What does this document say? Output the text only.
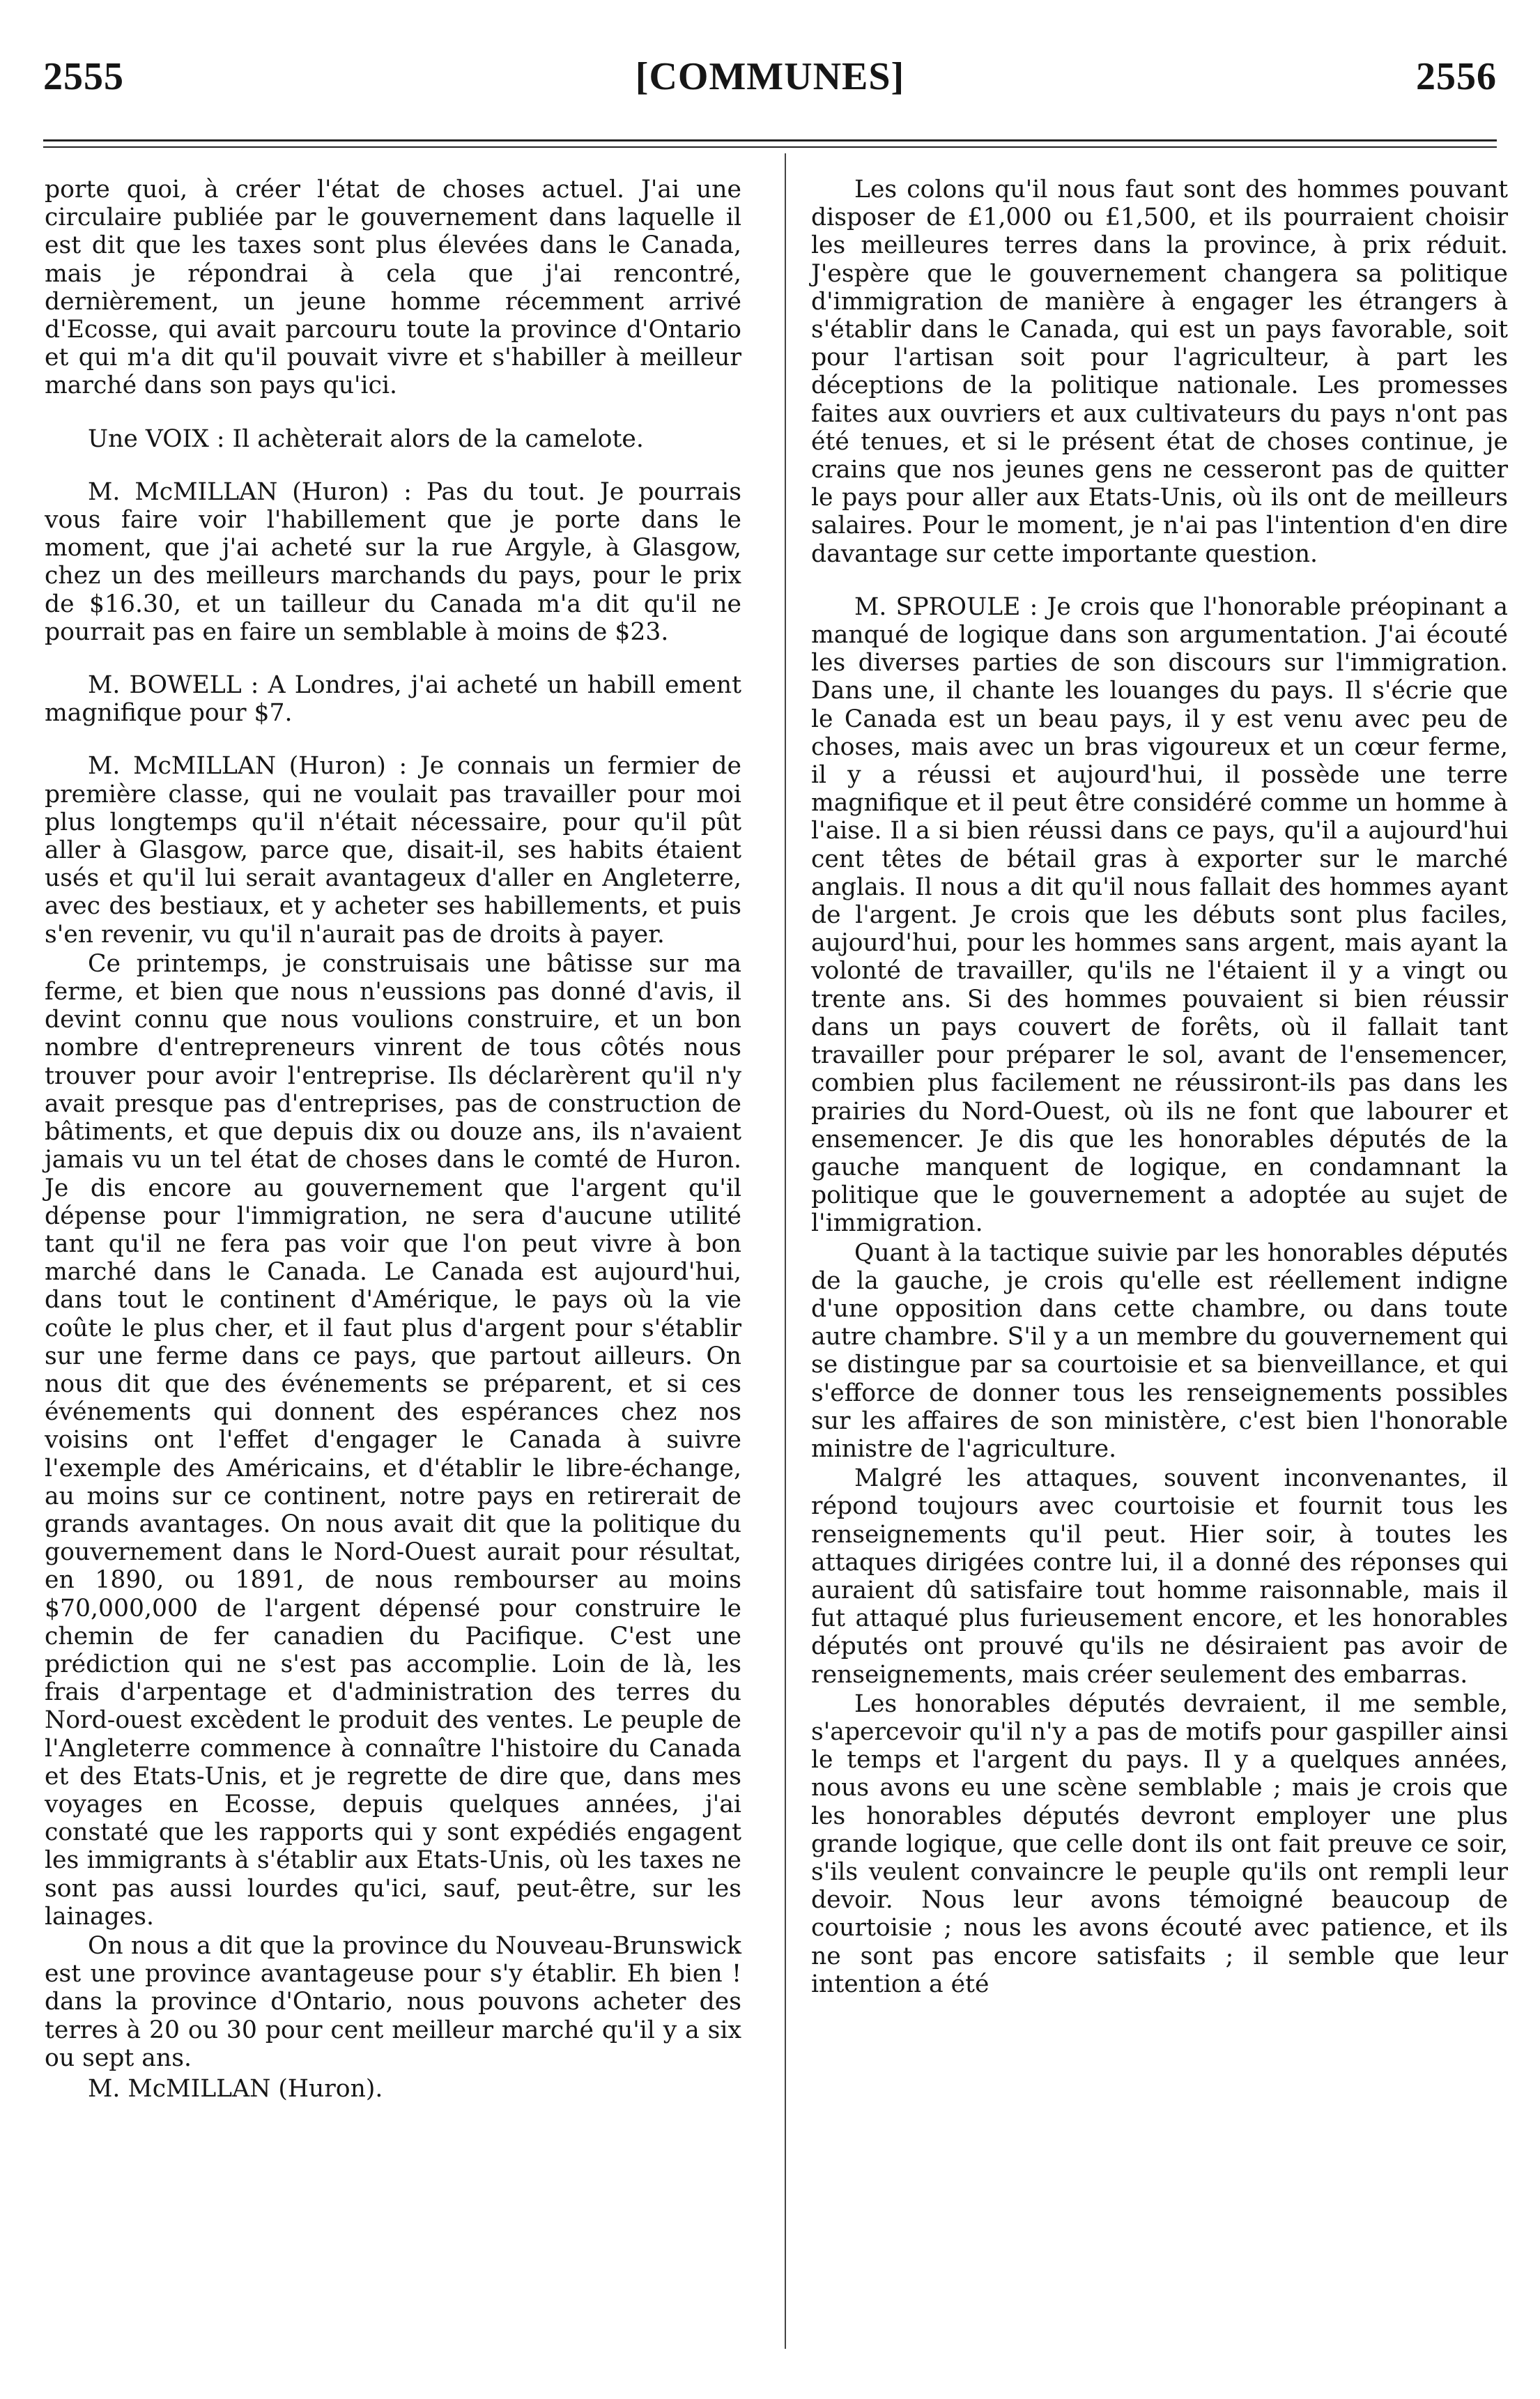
2555	[COMMUNES]	2556

porte quoi, à créer l'état de choses actuel. J'ai une circulaire publiée par le gouvernement dans laquelle il est dit que les taxes sont plus élevées dans le Canada, mais je répondrai à cela que j'ai rencontré, dernièrement, un jeune homme récemment arrivé d'Ecosse, qui avait parcouru toute la province d'Ontario et qui m'a dit qu'il pouvait vivre et s'habiller à meilleur marché dans son pays qu'ici.

Une VOIX : Il achèterait alors de la camelote.

M. McMILLAN (Huron) : Pas du tout. Je pourrais vous faire voir l'habillement que je porte dans le moment, que j'ai acheté sur la rue Argyle, à Glasgow, chez un des meilleurs marchands du pays, pour le prix de $16.30, et un tailleur du Canada m'a dit qu'il ne pourrait pas en faire un semblable à moins de $23.

M. BOWELL : A Londres, j'ai acheté un habill ement magnifique pour $7.

M. McMILLAN (Huron) : Je connais un fermier de première classe, qui ne voulait pas travailler pour moi plus longtemps qu'il n'était nécessaire, pour qu'il pût aller à Glasgow, parce que, disait-il, ses habits étaient usés et qu'il lui serait avantageux d'aller en Angleterre, avec des bestiaux, et y acheter ses habillements, et puis s'en revenir, vu qu'il n'aurait pas de droits à payer.

Ce printemps, je construisais une bâtisse sur ma ferme, et bien que nous n'eussions pas donné d'avis, il devint connu que nous voulions construire, et un bon nombre d'entrepreneurs vinrent de tous côtés nous trouver pour avoir l'entreprise. Ils déclarèrent qu'il n'y avait presque pas d'entreprises, pas de construction de bâtiments, et que depuis dix ou douze ans, ils n'avaient jamais vu un tel état de choses dans le comté de Huron. Je dis encore au gouvernement que l'argent qu'il dépense pour l'immigration, ne sera d'aucune utilité tant qu'il ne fera pas voir que l'on peut vivre à bon marché dans le Canada. Le Canada est aujourd'hui, dans tout le continent d'Amérique, le pays où la vie coûte le plus cher, et il faut plus d'argent pour s'établir sur une ferme dans ce pays, que partout ailleurs. On nous dit que des événements se préparent, et si ces événements qui donnent des espérances chez nos voisins ont l'effet d'engager le Canada à suivre l'exemple des Américains, et d'établir le libre-échange, au moins sur ce continent, notre pays en retirerait de grands avantages. On nous avait dit que la politique du gouvernement dans le Nord-Ouest aurait pour résultat, en 1890, ou 1891, de nous rembourser au moins $70,000,000 de l'argent dépensé pour construire le chemin de fer canadien du Pacifique. C'est une prédiction qui ne s'est pas accomplie. Loin de là, les frais d'arpentage et d'administration des terres du Nord-ouest excèdent le produit des ventes. Le peuple de l'Angleterre commence à connaître l'histoire du Canada et des Etats-Unis, et je regrette de dire que, dans mes voyages en Ecosse, depuis quelques années, j'ai constaté que les rapports qui y sont expédiés engagent les immigrants à s'établir aux Etats-Unis, où les taxes ne sont pas aussi lourdes qu'ici, sauf, peut-être, sur les lainages.

On nous a dit que la province du Nouveau-Brunswick est une province avantageuse pour s'y établir. Eh bien ! dans la province d'Ontario, nous pouvons acheter des terres à 20 ou 30 pour cent meilleur marché qu'il y a six ou sept ans.

M. McMILLAN (Huron).

Les colons qu'il nous faut sont des hommes pouvant disposer de £1,000 ou £1,500, et ils pourraient choisir les meilleures terres dans la province, à prix réduit. J'espère que le gouvernement changera sa politique d'immigration de manière à engager les étrangers à s'établir dans le Canada, qui est un pays favorable, soit pour l'artisan soit pour l'agriculteur, à part les déceptions de la politique nationale. Les promesses faites aux ouvriers et aux cultivateurs du pays n'ont pas été tenues, et si le présent état de choses continue, je crains que nos jeunes gens ne cesseront pas de quitter le pays pour aller aux Etats-Unis, où ils ont de meilleurs salaires. Pour le moment, je n'ai pas l'intention d'en dire davantage sur cette importante question.

M. SPROULE : Je crois que l'honorable préopinant a manqué de logique dans son argumentation. J'ai écouté les diverses parties de son discours sur l'immigration. Dans une, il chante les louanges du pays. Il s'écrie que le Canada est un beau pays, il y est venu avec peu de choses, mais avec un bras vigoureux et un cœur ferme, il y a réussi et aujourd'hui, il possède une terre magnifique et il peut être considéré comme un homme à l'aise. Il a si bien réussi dans ce pays, qu'il a aujourd'hui cent têtes de bétail gras à exporter sur le marché anglais. Il nous a dit qu'il nous fallait des hommes ayant de l'argent. Je crois que les débuts sont plus faciles, aujourd'hui, pour les hommes sans argent, mais ayant la volonté de travailler, qu'ils ne l'étaient il y a vingt ou trente ans. Si des hommes pouvaient si bien réussir dans un pays couvert de forêts, où il fallait tant travailler pour préparer le sol, avant de l'ensemencer, combien plus facilement ne réussiront-ils pas dans les prairies du Nord-Ouest, où ils ne font que labourer et ensemencer. Je dis que les honorables députés de la gauche manquent de logique, en condamnant la politique que le gouvernement a adoptée au sujet de l'immigration.

Quant à la tactique suivie par les honorables députés de la gauche, je crois qu'elle est réellement indigne d'une opposition dans cette chambre, ou dans toute autre chambre. S'il y a un membre du gouvernement qui se distingue par sa courtoisie et sa bienveillance, et qui s'efforce de donner tous les renseignements possibles sur les affaires de son ministère, c'est bien l'honorable ministre de l'agriculture.

Malgré les attaques, souvent inconvenantes, il répond toujours avec courtoisie et fournit tous les renseignements qu'il peut. Hier soir, à toutes les attaques dirigées contre lui, il a donné des réponses qui auraient dû satisfaire tout homme raisonnable, mais il fut attaqué plus furieusement encore, et les honorables députés ont prouvé qu'ils ne désiraient pas avoir de renseignements, mais créer seulement des embarras.

Les honorables députés devraient, il me semble, s'apercevoir qu'il n'y a pas de motifs pour gaspiller ainsi le temps et l'argent du pays. Il y a quelques années, nous avons eu une scène semblable ; mais je crois que les honorables députés devront employer une plus grande logique, que celle dont ils ont fait preuve ce soir, s'ils veulent convaincre le peuple qu'ils ont rempli leur devoir. Nous leur avons témoigné beaucoup de courtoisie ; nous les avons écouté avec patience, et ils ne sont pas encore satisfaits ; il semble que leur intention a été
